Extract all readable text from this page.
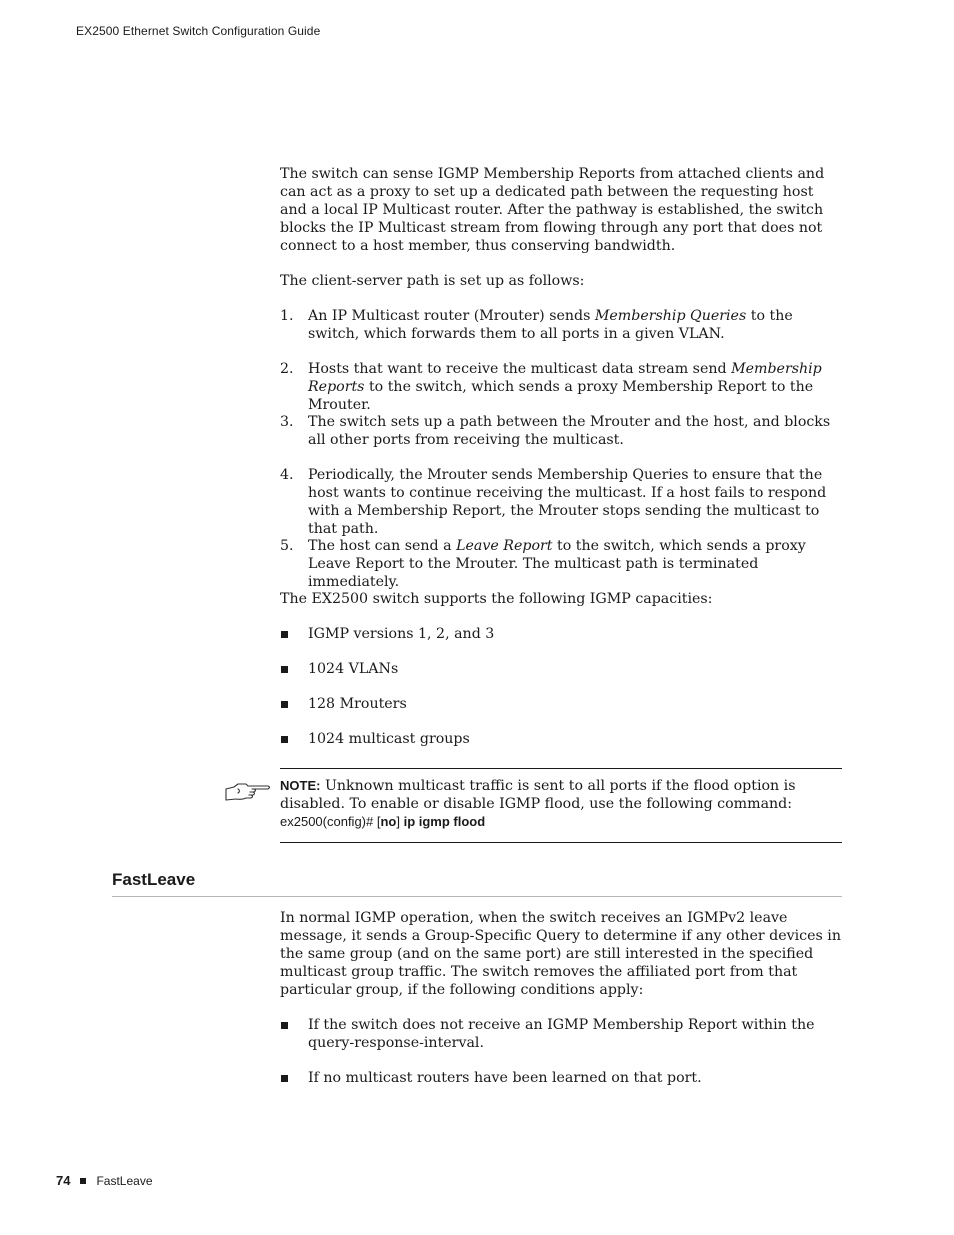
EX2500 Ethernet Switch Configuration Guide

The switch can sense IGMP Membership Reports from attached clients and can act as a proxy to set up a dedicated path between the requesting host and a local IP Multicast router. After the pathway is established, the switch blocks the IP Multicast stream from flowing through any port that does not connect to a host member, thus conserving bandwidth.

The client-server path is set up as follows:

1. An IP Multicast router (Mrouter) sends Membership Queries to the switch, which forwards them to all ports in a given VLAN.
2. Hosts that want to receive the multicast data stream send Membership Reports to the switch, which sends a proxy Membership Report to the Mrouter.
3. The switch sets up a path between the Mrouter and the host, and blocks all other ports from receiving the multicast.
4. Periodically, the Mrouter sends Membership Queries to ensure that the host wants to continue receiving the multicast. If a host fails to respond with a Membership Report, the Mrouter stops sending the multicast to that path.
5. The host can send a Leave Report to the switch, which sends a proxy Leave Report to the Mrouter. The multicast path is terminated immediately.

The EX2500 switch supports the following IGMP capacities:

IGMP versions 1, 2, and 3
1024 VLANs
128 Mrouters
1024 multicast groups
NOTE: Unknown multicast traffic is sent to all ports if the flood option is disabled. To enable or disable IGMP flood, use the following command:
ex2500(config)# [no] ip igmp flood
FastLeave

In normal IGMP operation, when the switch receives an IGMPv2 leave message, it sends a Group-Specific Query to determine if any other devices in the same group (and on the same port) are still interested in the specified multicast group traffic. The switch removes the affiliated port from that particular group, if the following conditions apply:

If the switch does not receive an IGMP Membership Report within the query-response-interval.
If no multicast routers have been learned on that port.
74 FastLeave
